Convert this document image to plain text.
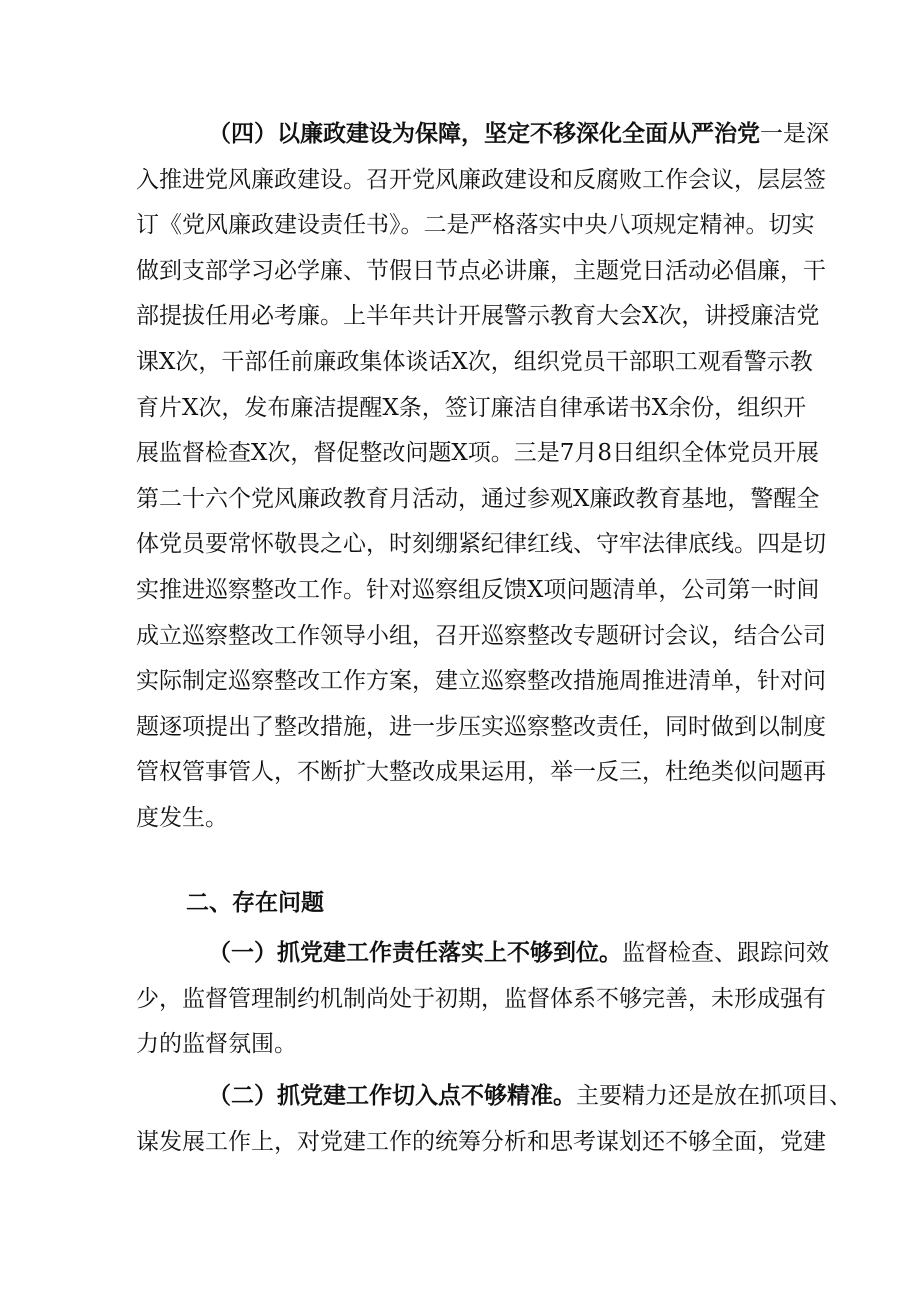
（四）以廉政建设为保障，坚定不移深化全面从严治党一是深
入推进党风廉政建设。召开党风廉政建设和反腐败工作会议，层层签
订《党风廉政建设责任书》。二是严格落实中央八项规定精神。切实
做到支部学习必学廉、节假日节点必讲廉，主题党日活动必倡廉，干
部提拔任用必考廉。上半年共计开展警示教育大会X次，讲授廉洁党
课X次，干部任前廉政集体谈话X次，组织党员干部职工观看警示教
育片X次，发布廉洁提醒X条，签订廉洁自律承诺书X余份，组织开
展监督检查X次，督促整改问题X项。三是7月8日组织全体党员开展
第二十六个党风廉政教育月活动，通过参观X廉政教育基地，警醒全
体党员要常怀敬畏之心，时刻绷紧纪律红线、守牢法律底线。四是切
实推进巡察整改工作。针对巡察组反馈X项问题清单，公司第一时间
成立巡察整改工作领导小组，召开巡察整改专题研讨会议，结合公司
实际制定巡察整改工作方案，建立巡察整改措施周推进清单，针对问
题逐项提出了整改措施，进一步压实巡察整改责任，同时做到以制度
管权管事管人，不断扩大整改成果运用，举一反三，杜绝类似问题再
度发生。
二、存在问题
（一）抓党建工作责任落实上不够到位。监督检查、跟踪问效
少，监督管理制约机制尚处于初期，监督体系不够完善，未形成强有
力的监督氛围。
（二）抓党建工作切入点不够精准。主要精力还是放在抓项目、
谋发展工作上，对党建工作的统筹分析和思考谋划还不够全面，党建
